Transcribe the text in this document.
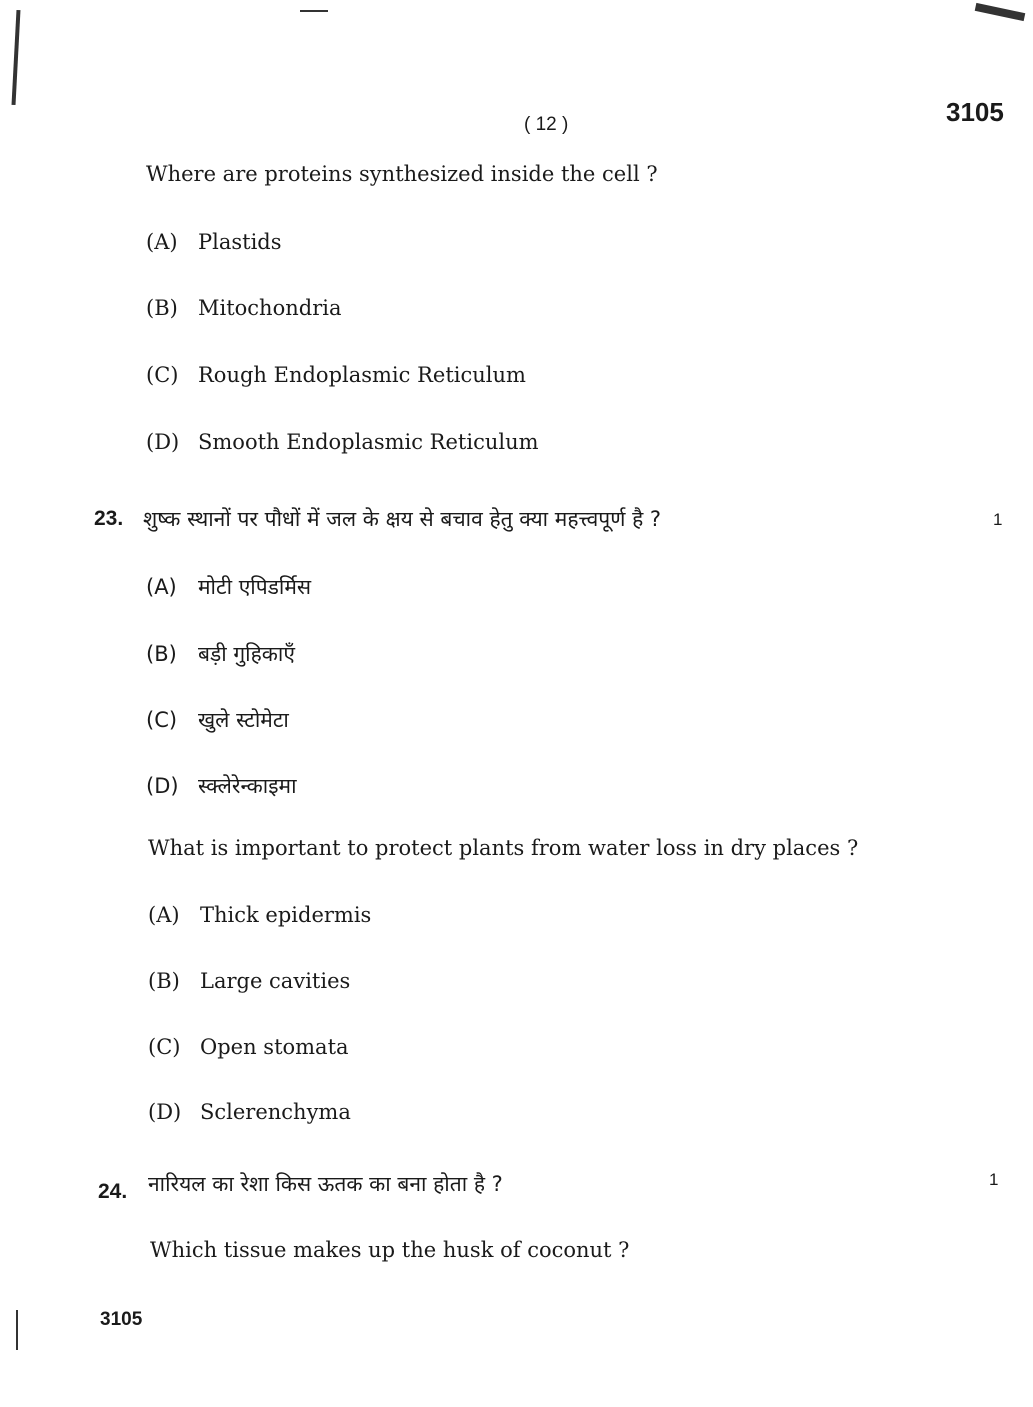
( 12 )	3105
Where are proteins synthesized inside the cell ?
(A) Plastids
(B) Mitochondria
(C) Rough Endoplasmic Reticulum
(D) Smooth Endoplasmic Reticulum
23. शुष्क स्थानों पर पौधों में जल के क्षय से बचाव हेतु क्या महत्त्वपूर्ण है ?	1
(A) मोटी एपिडर्मिस
(B) बड़ी गुहिकाएँ
(C) खुले स्टोमेटा
(D) स्क्लेरेन्काइमा
What is important to protect plants from water loss in dry places ?
(A) Thick epidermis
(B) Large cavities
(C) Open stomata
(D) Sclerenchyma
24. नारियल का रेशा किस ऊतक का बना होता है ?	1
Which tissue makes up the husk of coconut ?
3105
